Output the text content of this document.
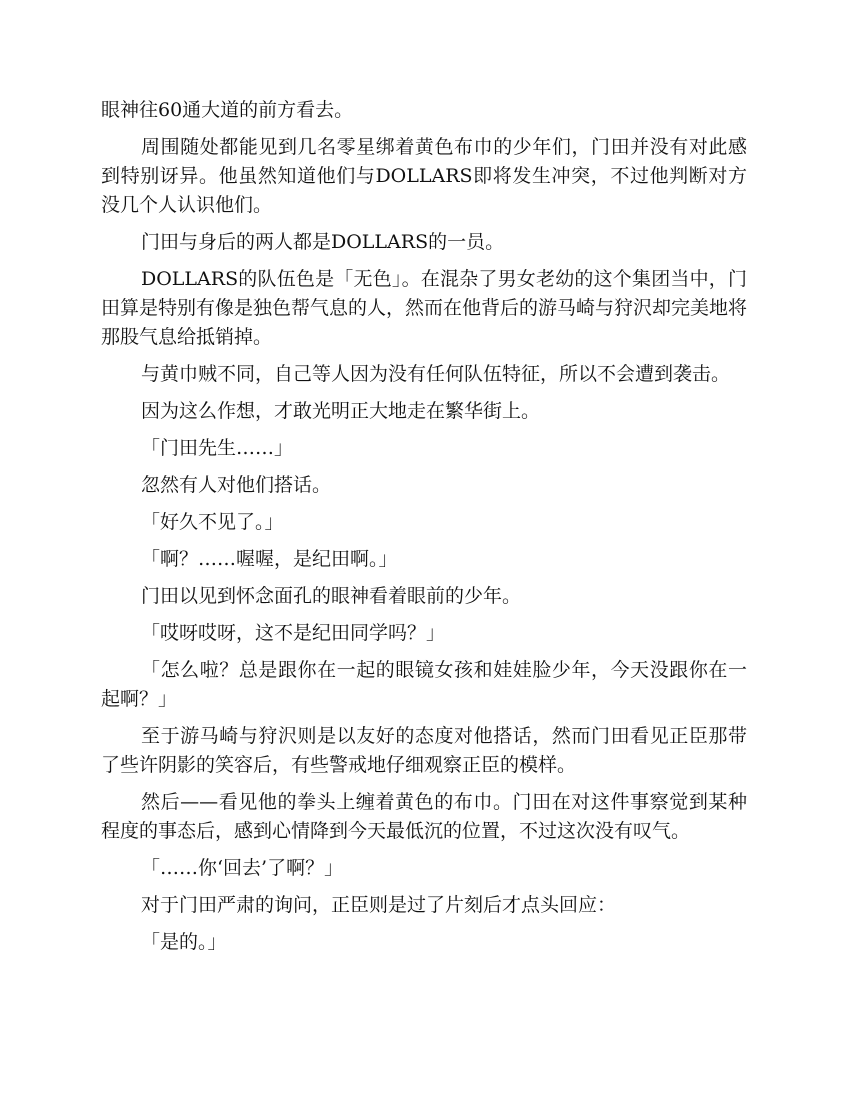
眼神往60通大道的前方看去。

周围随处都能见到几名零星绑着黄色布巾的少年们，门田并没有对此感到特别讶异。他虽然知道他们与DOLLARS即将发生冲突，不过他判断对方没几个人认识他们。

门田与身后的两人都是DOLLARS的一员。

DOLLARS的队伍色是「无色」。在混杂了男女老幼的这个集团当中，门田算是特别有像是独色帮气息的人，然而在他背后的游马崎与狩沢却完美地将那股气息给抵销掉。

与黄巾贼不同，自己等人因为没有任何队伍特征，所以不会遭到袭击。

因为这么作想，才敢光明正大地走在繁华街上。

「门田先生……」

忽然有人对他们搭话。

「好久不见了。」

「啊？……喔喔，是纪田啊。」

门田以见到怀念面孔的眼神看着眼前的少年。

「哎呀哎呀，这不是纪田同学吗？」

「怎么啦？总是跟你在一起的眼镜女孩和娃娃脸少年，今天没跟你在一起啊？」

至于游马崎与狩沢则是以友好的态度对他搭话，然而门田看见正臣那带了些许阴影的笑容后，有些警戒地仔细观察正臣的模样。

然后——看见他的拳头上缠着黄色的布巾。门田在对这件事察觉到某种程度的事态后，感到心情降到今天最低沉的位置，不过这次没有叹气。

「……你‘回去’了啊？」

对于门田严肃的询问，正臣则是过了片刻后才点头回应：

「是的。」
